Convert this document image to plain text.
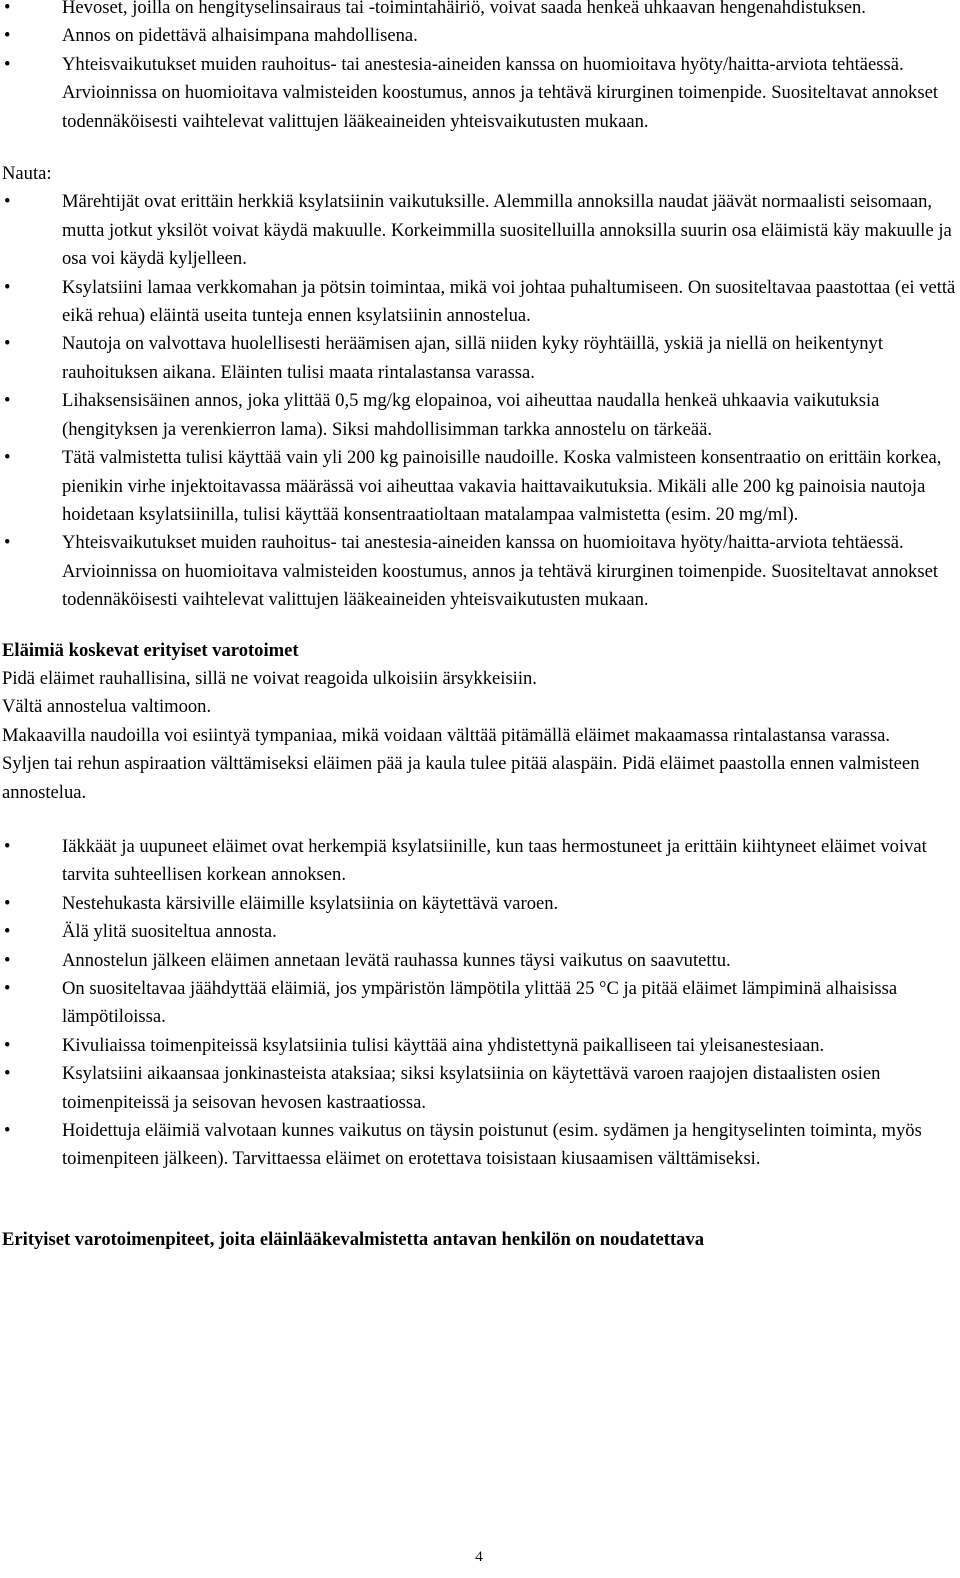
•	Hevoset, joilla on hengityselinsairaus tai -toimintahäiriö, voivat saada henkeä uhkaavan hengenahdistuksen.
•	Annos on pidettävä alhaisimpana mahdollisena.
•	Yhteisvaikutukset muiden rauhoitus- tai anestesia-aineiden kanssa on huomioitava hyöty/haitta-arviota tehtäessä. Arvioinnissa on huomioitava valmisteiden koostumus, annos ja tehtävä kirurginen toimenpide. Suositeltavat annokset todennäköisesti vaihtelevat valittujen lääkeaineiden yhteisvaikutusten mukaan.

Nauta:

•	Märehtijät ovat erittäin herkkiä ksylatsiinin vaikutuksille. Alemmilla annoksilla naudat jäävät normaalisti seisomaan, mutta jotkut yksilöt voivat käydä makuulle. Korkeimmilla suositelluilla annoksilla suurin osa eläimistä käy makuulle ja osa voi käydä kyljelleen.
•	Ksylatsiini lamaa verkkomahan ja pötsin toimintaa, mikä voi johtaa puhaltumiseen. On suositeltavaa paastottaa (ei vettä eikä rehua) eläintä useita tunteja ennen ksylatsiinin annostelua.
•	Nautoja on valvottava huolellisesti heräämisen ajan, sillä niiden kyky röyhtäillä, yskiä ja niellä on heikentynyt rauhoituksen aikana. Eläinten tulisi maata rintalastansa varassa.
•	Lihaksensisäinen annos, joka ylittää 0,5 mg/kg elopainoa, voi aiheuttaa naudalla henkeä uhkaavia vaikutuksia (hengityksen ja verenkierron lama). Siksi mahdollisimman tarkka annostelu on tärkeää.
•	Tätä valmistetta tulisi käyttää vain yli 200 kg painoisille naudoille. Koska valmisteen konsentraatio on erittäin korkea, pienikin virhe injektoitavassa määrässä voi aiheuttaa vakavia haittavaikutuksia. Mikäli alle 200 kg painoisia nautoja hoidetaan ksylatsiinilla, tulisi käyttää konsentraatioltaan matalampaa valmistetta (esim. 20 mg/ml).
•	Yhteisvaikutukset muiden rauhoitus- tai anestesia-aineiden kanssa on huomioitava hyöty/haitta-arviota tehtäessä. Arvioinnissa on huomioitava valmisteiden koostumus, annos ja tehtävä kirurginen toimenpide. Suositeltavat annokset todennäköisesti vaihtelevat valittujen lääkeaineiden yhteisvaikutusten mukaan.

Eläimiä koskevat erityiset varotoimet

Pidä eläimet rauhallisina, sillä ne voivat reagoida ulkoisiin ärsykkeisiin.

Vältä annostelua valtimoon.

Makaavilla naudoilla voi esiintyä tympaniaa, mikä voidaan välttää pitämällä eläimet makaamassa rintalastansa varassa.

Syljen tai rehun aspiraation välttämiseksi eläimen pää ja kaula tulee pitää alaspäin. Pidä eläimet paastolla ennen valmisteen annostelua.

•	Iäkkäät ja uupuneet eläimet ovat herkempiä ksylatsiinille, kun taas hermostuneet ja erittäin kiihtyneet eläimet voivat tarvita suhteellisen korkean annoksen.
•	Nestehukasta kärsiville eläimille ksylatsiinia on käytettävä varoen.
•	Älä ylitä suositeltua annosta.
•	Annostelun jälkeen eläimen annetaan levätä rauhassa kunnes täysi vaikutus on saavutettu.
•	On suositeltavaa jäähdyttää eläimiä, jos ympäristön lämpötila ylittää 25 °C ja pitää eläimet lämpiminä alhaisissa lämpötiloissa.
•	Kivuliaissa toimenpiteissä ksylatsiinia tulisi käyttää aina yhdistettynä paikalliseen tai yleisanestesiaan.
•	Ksylatsiini aikaansaa jonkinasteista ataksiaa; siksi ksylatsiinia on käytettävä varoen raajojen distaalisten osien toimenpiteissä ja seisovan hevosen kastraatiossa.
•	Hoidettuja eläimiä valvotaan kunnes vaikutus on täysin poistunut (esim. sydämen ja hengityselinten toiminta, myös toimenpiteen jälkeen). Tarvittaessa eläimet on erotettava toisistaan kiusaamisen välttämiseksi.

Erityiset varotoimenpiteet, joita eläinlääkevalmistetta antavan henkilön on noudatettava

4
